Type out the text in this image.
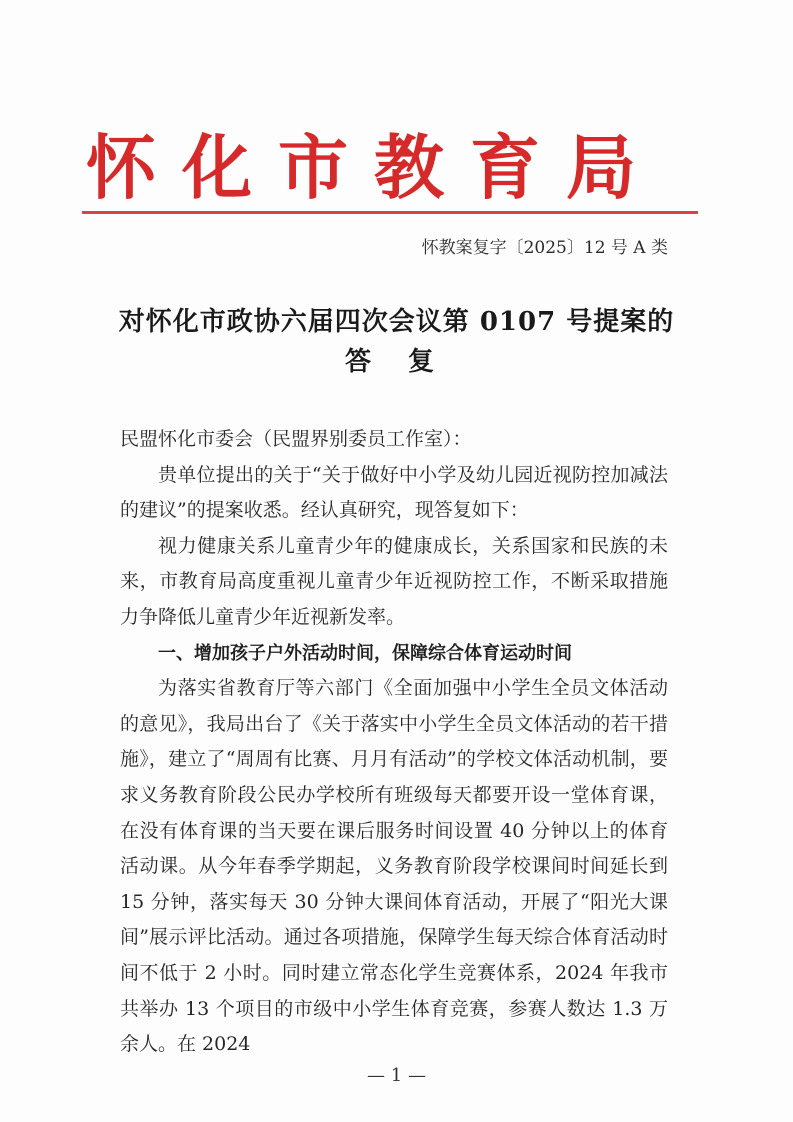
怀化市教育局
怀教案复字〔2025〕12 号 A 类
对怀化市政协六届四次会议第 0107 号提案的
答 复

民盟怀化市委会（民盟界别委员工作室）：

贵单位提出的关于“关于做好中小学及幼儿园近视防控加减法的建议”的提案收悉。经认真研究，现答复如下：

视力健康关系儿童青少年的健康成长，关系国家和民族的未来，市教育局高度重视儿童青少年近视防控工作，不断采取措施力争降低儿童青少年近视新发率。

一、增加孩子户外活动时间，保障综合体育运动时间

为落实省教育厅等六部门《全面加强中小学生全员文体活动的意见》，我局出台了《关于落实中小学生全员文体活动的若干措施》，建立了“周周有比赛、月月有活动”的学校文体活动机制，要求义务教育阶段公民办学校所有班级每天都要开设一堂体育课，在没有体育课的当天要在课后服务时间设置 40 分钟以上的体育活动课。从今年春季学期起，义务教育阶段学校课间时间延长到 15 分钟，落实每天 30 分钟大课间体育活动，开展了“阳光大课间”展示评比活动。通过各项措施，保障学生每天综合体育活动时间不低于 2 小时。同时建立常态化学生竞赛体系，2024 年我市共举办 13 个项目的市级中小学生体育竞赛，参赛人数达 1.3 万余人。在 2024

— 1 —
